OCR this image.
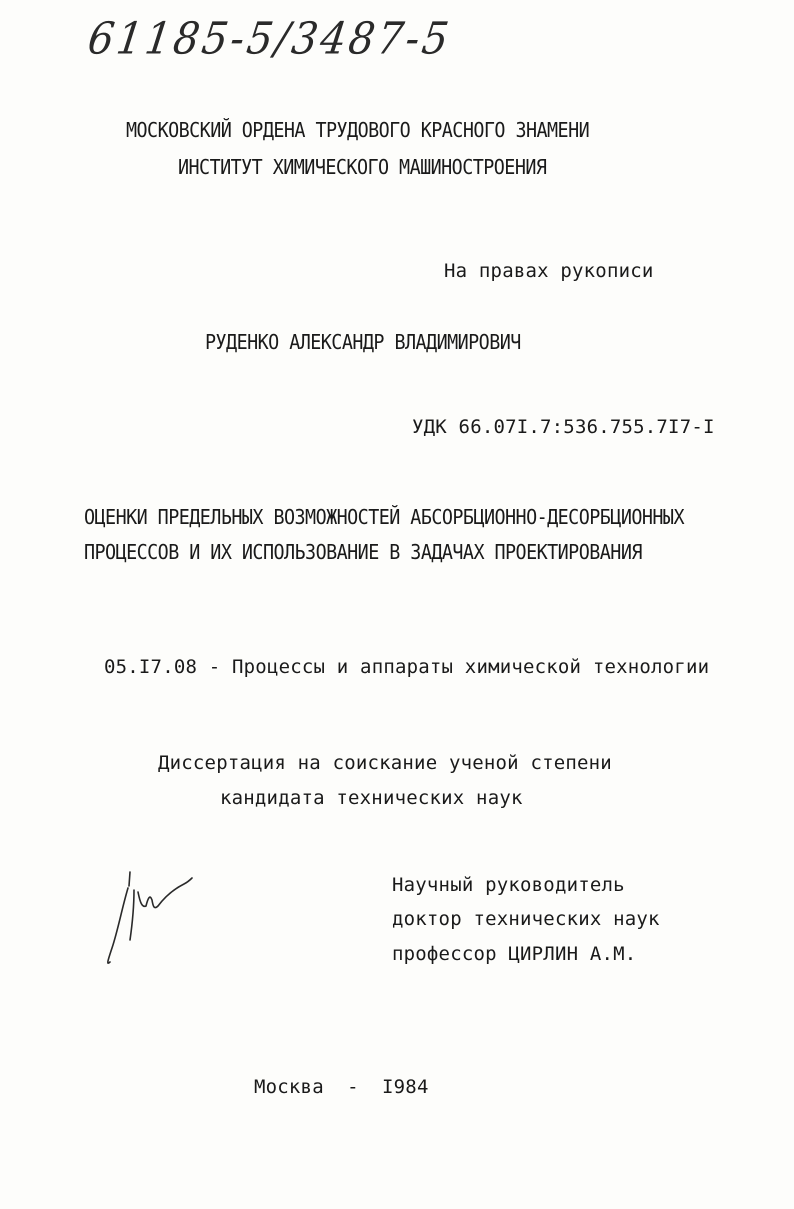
61185-5/3487-5
МОСКОВСКИЙ ОРДЕНА ТРУДОВОГО КРАСНОГО ЗНАМЕНИ
ИНСТИТУТ ХИМИЧЕСКОГО МАШИНОСТРОЕНИЯ
На правах рукописи
РУДЕНКО АЛЕКСАНДР ВЛАДИМИРОВИЧ
УДК 66.07I.7:536.755.7I7-I
ОЦЕНКИ ПРЕДЕЛЬНЫХ ВОЗМОЖНОСТЕЙ АБСОРБЦИОННО-ДЕСОРБЦИОННЫХ
ПРОЦЕССОВ И ИХ ИСПОЛЬЗОВАНИЕ В ЗАДАЧАХ ПРОЕКТИРОВАНИЯ
05.I7.08 - Процессы и аппараты химической технологии
Диссертация на соискание ученой степени
кандидата технических наук
Научный руководитель
доктор технических наук
профессор ЦИРЛИН А.М.
Москва  -  I984
